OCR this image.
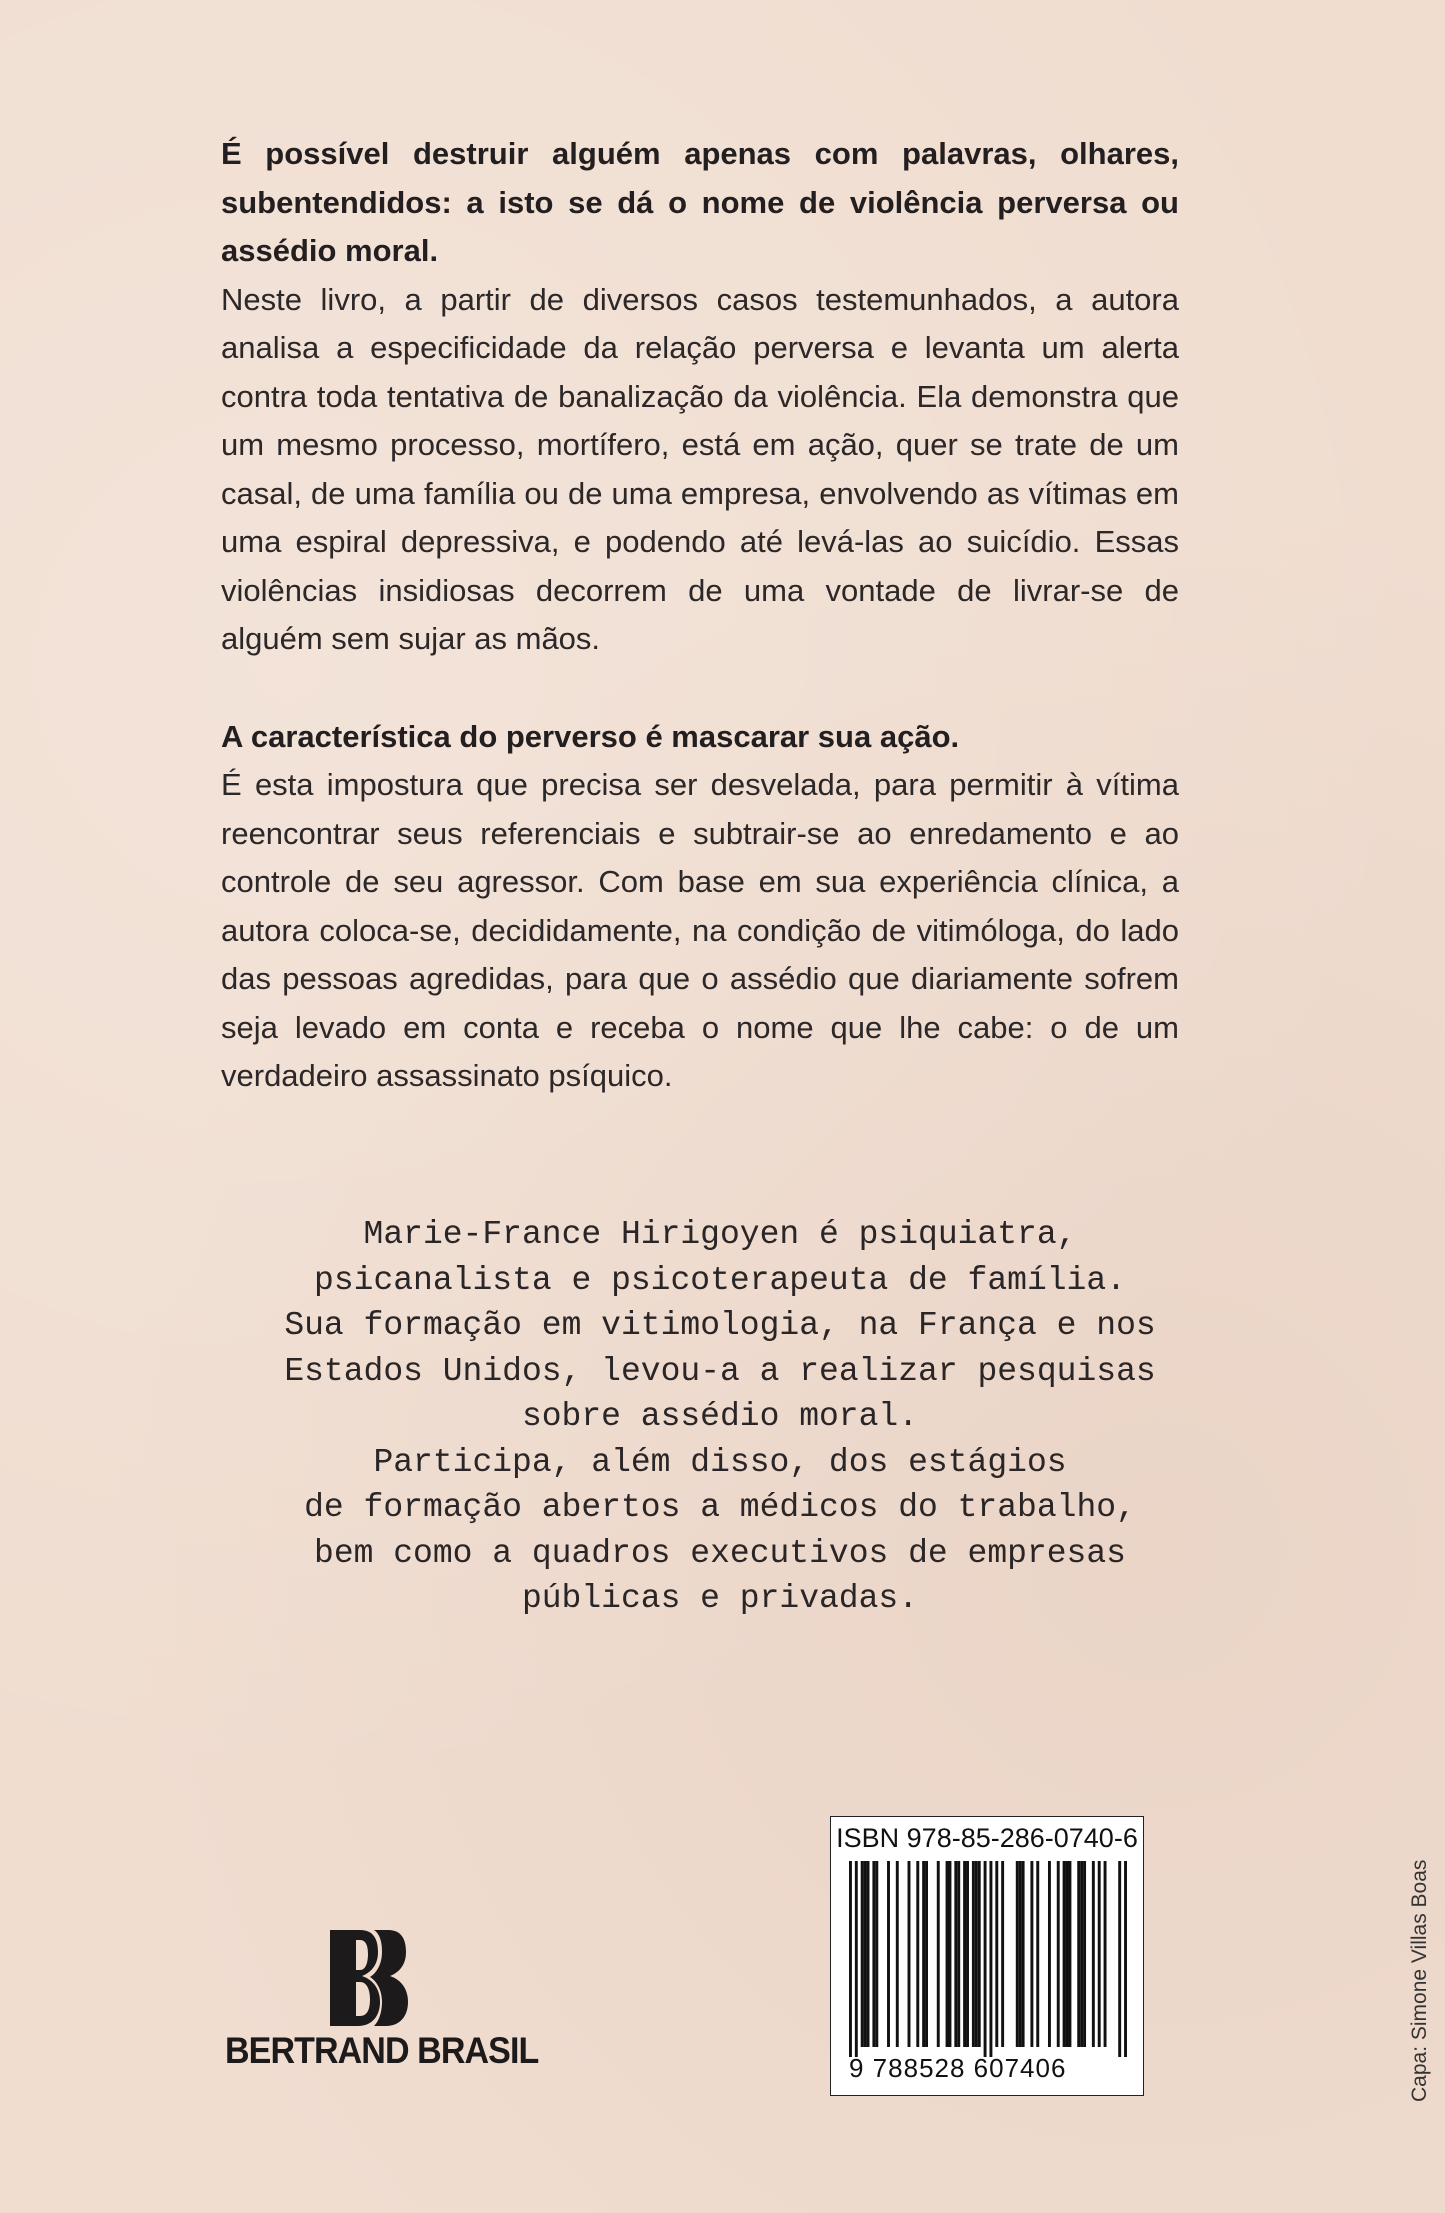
É possível destruir alguém apenas com palavras, olhares, subentendidos: a isto se dá o nome de violência perversa ou assédio moral.
Neste livro, a partir de diversos casos testemunhados, a autora analisa a especificidade da relação perversa e levanta um alerta contra toda tentativa de banalização da violência. Ela demonstra que um mesmo processo, mortífero, está em ação, quer se trate de um casal, de uma família ou de uma empresa, envolvendo as vítimas em uma espiral depressiva, e podendo até levá-las ao suicídio. Essas violências insidiosas decorrem de uma vontade de livrar-se de alguém sem sujar as mãos.

A característica do perverso é mascarar sua ação.
É esta impostura que precisa ser desvelada, para permitir à vítima reencontrar seus referenciais e subtrair-se ao enredamento e ao controle de seu agressor. Com base em sua experiência clínica, a autora coloca-se, decididamente, na condição de vitimóloga, do lado das pessoas agredidas, para que o assédio que diariamente sofrem seja levado em conta e receba o nome que lhe cabe: o de um verdadeiro assassinato psíquico.

Marie-France Hirigoyen é psiquiatra,
psicanalista e psicoterapeuta de família.
Sua formação em vitimologia, na França e nos
Estados Unidos, levou-a a realizar pesquisas
sobre assédio moral.
Participa, além disso, dos estágios
de formação abertos a médicos do trabalho,
bem como a quadros executivos de empresas
públicas e privadas.
ISBN 978-85-286-0740-6
9 788528 607406
BERTRAND BRASIL	Capa: Simone Villas Boas
